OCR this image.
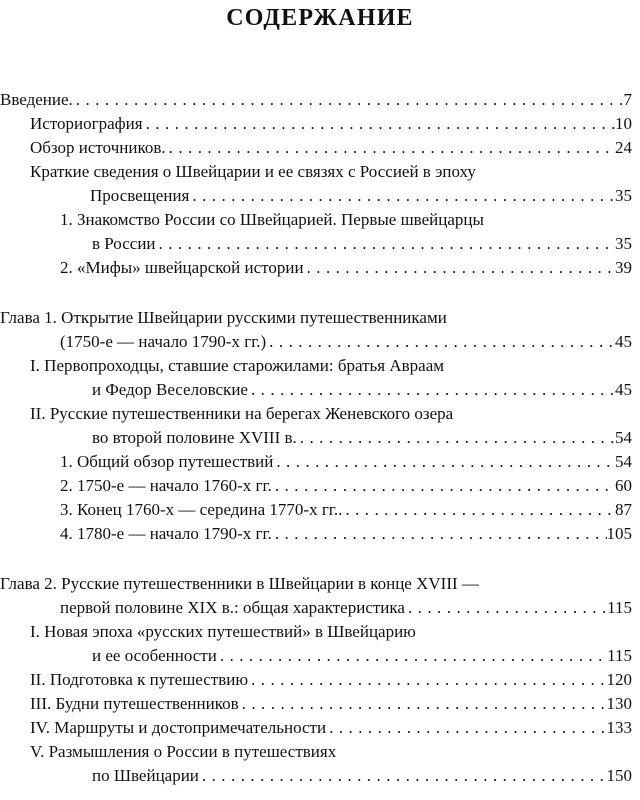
СОДЕРЖАНИЕ
Введение. . . .	7
Историография . . .	10
Обзор источников. . . .	24
Краткие сведения о Швейцарии и ее связях с Россией в эпоху
Просвещения . . .	35
1. Знакомство России со Швейцарией. Первые швейцарцы
в России . . .	35
2. «Мифы» швейцарской истории . . .	39
Глава 1. Открытие Швейцарии русскими путешественниками
(1750-е — начало 1790-х гг.) . . .	45
I. Первопроходцы, ставшие старожилами: братья Авраам
и Федор Веселовские . . .	45
II. Русские путешественники на берегах Женевского озера
во второй половине XVIII в. . . .	54
1. Общий обзор путешествий . . .	54
2. 1750-е — начало 1760-х гг. . . .	60
3. Конец 1760-х — середина 1770-х гг.. . . .	87
4. 1780-е — начало 1790-х гг. . . .	105
Глава 2. Русские путешественники в Швейцарии в конце XVIII —
первой половине XIX в.: общая характеристика . . .	115
I. Новая эпоха «русских путешествий» в Швейцарию
и ее особенности . . .	115
II. Подготовка к путешествию . . .	120
III. Будни путешественников . . .	130
IV. Маршруты и достопримечательности . . .	133
V. Размышления о России в путешествиях
по Швейцарии . . .	150
